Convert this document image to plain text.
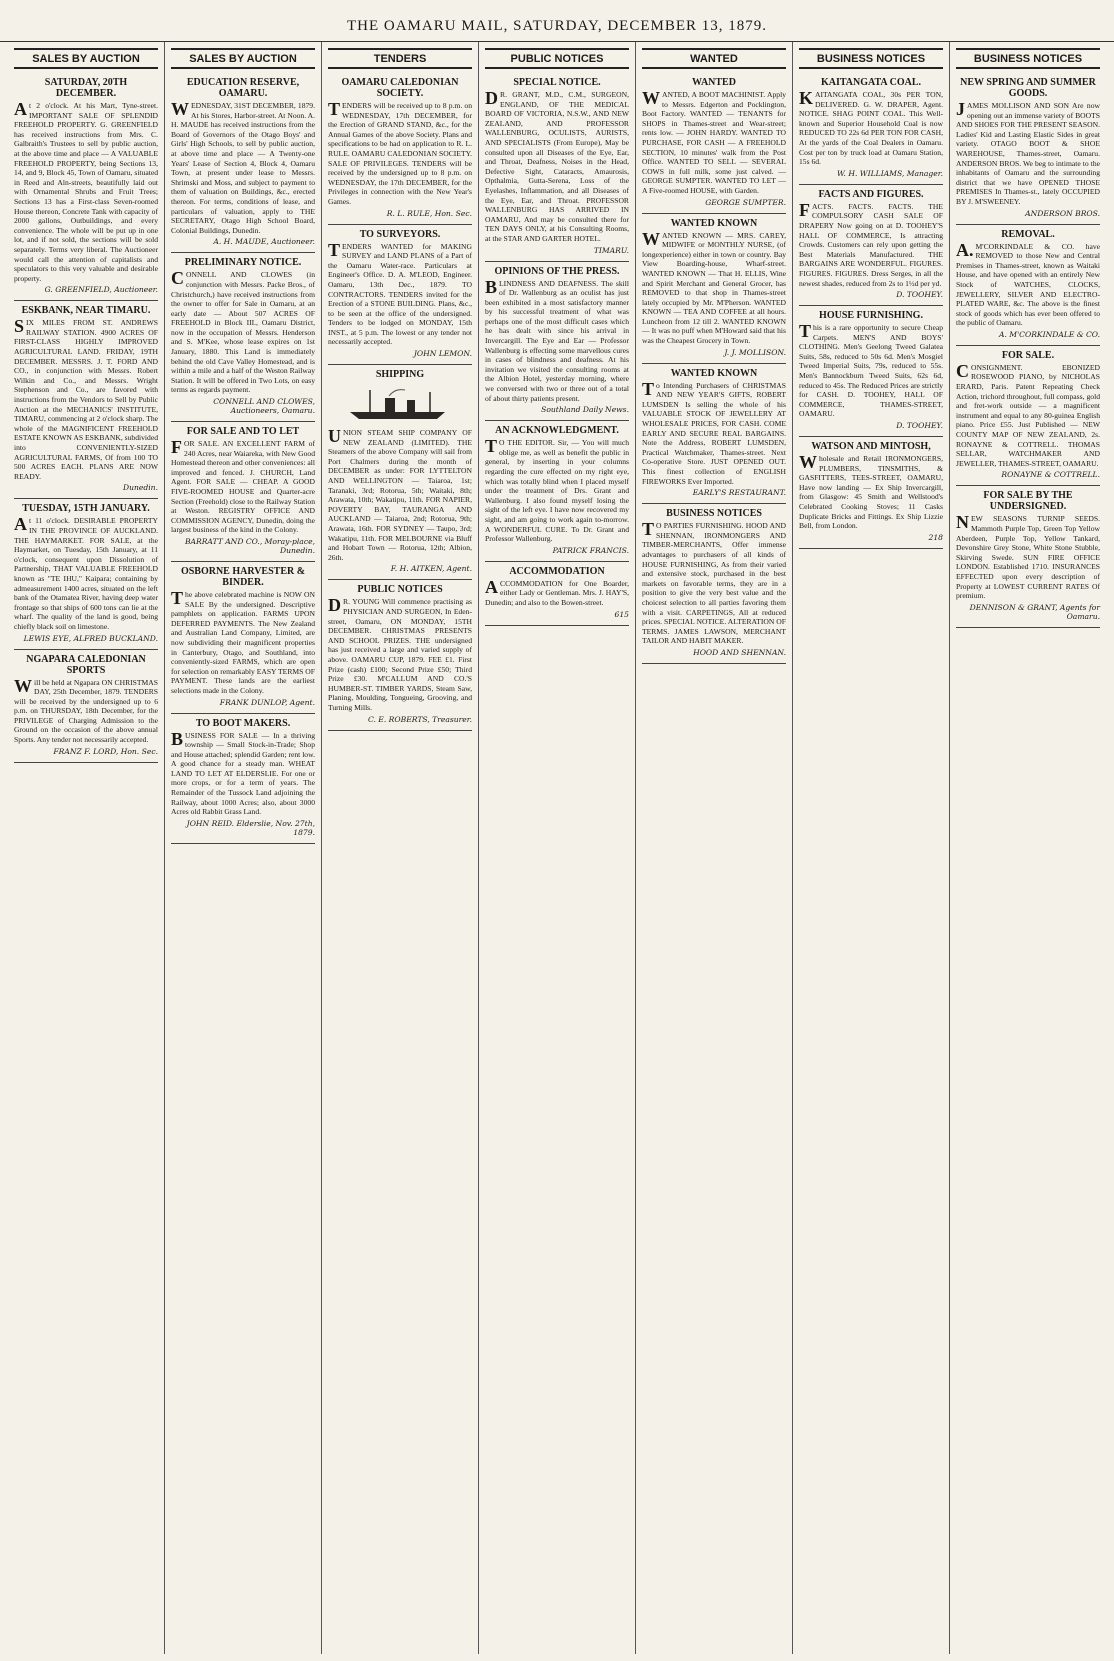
THE OAMARU MAIL, SATURDAY, DECEMBER 13, 1879.
SALES BY AUCTION
SATURDAY, 20TH DECEMBER.
At 2 o'clock. At his Mart, Tyne-street. IMPORTANT SALE OF SPLENDID FREEHOLD PROPERTY. G. GREENFIELD has received instructions from Mrs. C. Galbraith's Trustees to sell by public auction, at the above time and place — A VALUABLE FREEHOLD PROPERTY, being Sections 13, 14, and 9, Block 45, Town of Oamaru, situated in Reed and Aln-streets, beautifully laid out with Ornamental Shrubs and Fruit Trees; Sections 13 has a First-class Seven-roomed House thereon, Concrete Tank with capacity of 2000 gallons, Outbuildings, and every convenience. The whole will be put up in one lot, and if not sold, the sections will be sold separately. Terms very liberal. The Auctioneer would call the attention of capitalists and speculators to this very valuable and desirable property.
G. GREENFIELD, Auctioneer.
ESKBANK, NEAR TIMARU.
SIX MILES FROM ST. ANDREWS RAILWAY STATION. 4900 ACRES OF FIRST-CLASS HIGHLY IMPROVED AGRICULTURAL LAND. FRIDAY, 19TH DECEMBER. MESSRS. J. T. FORD AND CO., in conjunction with Messrs. Robert Wilkin and Co., and Messrs. Wright Stephenson and Co., are favored with instructions from the Vendors to Sell by Public Auction at the MECHANICS' INSTITUTE, TIMARU, commencing at 2 o'clock sharp. The whole of the MAGNIFICENT FREEHOLD ESTATE KNOWN AS ESKBANK, subdivided into CONVENIENTLY-SIZED AGRICULTURAL FARMS, Of from 100 TO 500 ACRES EACH. PLANS ARE NOW READY.
Dunedin.
TUESDAY, 15TH JANUARY.
At 11 o'clock. DESIRABLE PROPERTY IN THE PROVINCE OF AUCKLAND. THE HAYMARKET. FOR SALE, at the Haymarket, on Tuesday, 15th January, at 11 o'clock, consequent upon Dissolution of Partnership, THAT VALUABLE FREEHOLD known as "TE IHU," Kaipara; containing by admeasurement 1400 acres, situated on the left bank of the Otamatea River, having deep water frontage so that ships of 600 tons can lie at the wharf. The quality of the land is good, being chiefly black soil on limestone.
LEWIS EYE, ALFRED BUCKLAND.
NGAPARA CALEDONIAN SPORTS
Will be held at Ngapara ON CHRISTMAS DAY, 25th December, 1879. TENDERS will be received by the undersigned up to 6 p.m. on THURSDAY, 18th December, for the PRIVILEGE of Charging Admission to the Ground on the occasion of the above annual Sports. Any tender not necessarily accepted.
FRANZ F. LORD, Hon. Sec.
SALES BY AUCTION
EDUCATION RESERVE, OAMARU.
WEDNESDAY, 31ST DECEMBER, 1879. At his Stores, Harbor-street. At Noon. A. H. MAUDE has received instructions from the Board of Governors of the Otago Boys' and Girls' High Schools, to sell by public auction, at above time and place — A Twenty-one Years' Lease of Section 4, Block 4, Oamaru Town, at present under lease to Messrs. Shrimski and Moss, and subject to payment to them of valuation on Buildings, &c., erected thereon. For terms, conditions of lease, and particulars of valuation, apply to THE SECRETARY, Otago High School Board, Colonial Buildings, Dunedin.
A. H. MAUDE, Auctioneer.
PRELIMINARY NOTICE.
CONNELL AND CLOWES (in conjunction with Messrs. Packe Bros., of Christchurch,) have received instructions from the owner to offer for Sale in Oamaru, at an early date — About 507 ACRES OF FREEHOLD in Block III., Oamaru District, now in the occupation of Messrs. Henderson and S. M'Kee, whose lease expires on 1st January, 1880. This Land is immediately behind the old Cave Valley Homestead, and is within a mile and a half of the Weston Railway Station. It will be offered in Two Lots, on easy terms as regards payment.
CONNELL AND CLOWES, Auctioneers, Oamaru.
FOR SALE AND TO LET
FOR SALE. AN EXCELLENT FARM of 240 Acres, near Waiareka, with New Good Homestead thereon and other conveniences: all improved and fenced. J. CHURCH, Land Agent. FOR SALE — CHEAP. A GOOD FIVE-ROOMED HOUSE and Quarter-acre Section (Freehold) close to the Railway Station at Weston. REGISTRY OFFICE AND COMMISSION AGENCY, Dunedin, doing the largest business of the kind in the Colony.
BARRATT AND CO., Moray-place, Dunedin.
OSBORNE HARVESTER & BINDER.
The above celebrated machine is NOW ON SALE By the undersigned. Descriptive pamphlets on application. FARMS UPON DEFERRED PAYMENTS. The New Zealand and Australian Land Company, Limited, are now subdividing their magnificent properties in Canterbury, Otago, and Southland, into conveniently-sized FARMS, which are open for selection on remarkably EASY TERMS OF PAYMENT. These lands are the earliest selections made in the Colony.
FRANK DUNLOP, Agent.
TO BOOT MAKERS.
BUSINESS FOR SALE — In a thriving township — Small Stock-in-Trade; Shop and House attached; splendid Garden; rent low. A good chance for a steady man. WHEAT LAND TO LET AT ELDERSLIE. For one or more crops, or for a term of years. The Remainder of the Tussock Land adjoining the Railway, about 1000 Acres; also, about 3000 Acres old Rabbit Grass Land.
JOHN REID. Elderslie, Nov. 27th, 1879.
TENDERS
OAMARU CALEDONIAN SOCIETY.
TENDERS will be received up to 8 p.m. on WEDNESDAY, 17th DECEMBER, for the Erection of GRAND STAND, &c., for the Annual Games of the above Society. Plans and specifications to be had on application to R. L. RULE. OAMARU CALEDONIAN SOCIETY. SALE OF PRIVILEGES. TENDERS will be received by the undersigned up to 8 p.m. on WEDNESDAY, the 17th DECEMBER, for the Privileges in connection with the New Year's Games.
R. L. RULE, Hon. Sec.
TO SURVEYORS.
TENDERS WANTED for MAKING SURVEY and LAND PLANS of a Part of the Oamaru Water-race. Particulars at Engineer's Office. D. A. M'LEOD, Engineer. Oamaru, 13th Dec., 1879. TO CONTRACTORS. TENDERS invited for the Erection of a STONE BUILDING. Plans, &c., to be seen at the office of the undersigned. Tenders to be lodged on MONDAY, 15th INST., at 5 p.m. The lowest or any tender not necessarily accepted.
JOHN LEMON.
SHIPPING
UNION STEAM SHIP COMPANY OF NEW ZEALAND (LIMITED). THE Steamers of the above Company will sail from Port Chalmers during the month of DECEMBER as under: FOR LYTTELTON AND WELLINGTON — Taiaroa, 1st; Taranaki, 3rd; Rotorua, 5th; Waitaki, 8th; Arawata, 10th; Wakatipu, 11th. FOR NAPIER, POVERTY BAY, TAURANGA AND AUCKLAND — Taiaroa, 2nd; Rotorua, 9th; Arawata, 16th. FOR SYDNEY — Taupo, 3rd; Wakatipu, 11th. FOR MELBOURNE via Bluff and Hobart Town — Rotorua, 12th; Albion, 26th.
F. H. AITKEN, Agent.
PUBLIC NOTICES
DR. YOUNG Will commence practising as PHYSICIAN AND SURGEON, In Eden-street, Oamaru, ON MONDAY, 15TH DECEMBER. CHRISTMAS PRESENTS AND SCHOOL PRIZES. THE undersigned has just received a large and varied supply of above. OAMARU CUP, 1879. FEE £1. First Prize (cash) £100; Second Prize £50; Third Prize £30. M'CALLUM AND CO.'S HUMBER-ST. TIMBER YARDS, Steam Saw, Planing, Moulding, Tongueing, Grooving, and Turning Mills.
C. E. ROBERTS, Treasurer.
PUBLIC NOTICES
SPECIAL NOTICE.
DR. GRANT, M.D., C.M., SURGEON, ENGLAND, OF THE MEDICAL BOARD OF VICTORIA, N.S.W., AND NEW ZEALAND, AND PROFESSOR WALLENBURG, OCULISTS, AURISTS, AND SPECIALISTS (From Europe), May be consulted upon all Diseases of the Eye, Ear, and Throat, Deafness, Noises in the Head, Defective Sight, Cataracts, Amaurosis, Opthalmia, Gutta-Serena, Loss of the Eyelashes, Inflammation, and all Diseases of the Eye, Ear, and Throat. PROFESSOR WALLENBURG HAS ARRIVED IN OAMARU, And may be consulted there for TEN DAYS ONLY, at his Consulting Rooms, at the STAR AND GARTER HOTEL.
TIMARU.
OPINIONS OF THE PRESS.
BLINDNESS AND DEAFNESS. The skill of Dr. Wallenburg as an oculist has just been exhibited in a most satisfactory manner by his successful treatment of what was perhaps one of the most difficult cases which he has dealt with since his arrival in Invercargill. The Eye and Ear — Professor Wallenburg is effecting some marvellous cures in cases of blindness and deafness. At his invitation we visited the consulting rooms at the Albion Hotel, yesterday morning, where we conversed with two or three out of a total of about thirty patients present.
Southland Daily News.
AN ACKNOWLEDGMENT.
TO THE EDITOR. Sir, — You will much oblige me, as well as benefit the public in general, by inserting in your columns regarding the cure effected on my right eye, which was totally blind when I placed myself under the treatment of Drs. Grant and Wallenburg. I also found myself losing the sight of the left eye. I have now recovered my sight, and am going to work again to-morrow. A WONDERFUL CURE. To Dr. Grant and Professor Wallenburg.
PATRICK FRANCIS.
ACCOMMODATION
ACCOMMODATION for One Boarder, either Lady or Gentleman. Mrs. J. HAY'S, Dunedin; and also to the Bowen-street.
615
WANTED
WANTED
WANTED, A BOOT MACHINIST. Apply to Messrs. Edgerton and Pocklington, Boot Factory. WANTED — TENANTS for SHOPS in Thames-street and Wear-street; rents low. — JOHN HARDY. WANTED TO PURCHASE, FOR CASH — A FREEHOLD SECTION, 10 minutes' walk from the Post Office. WANTED TO SELL — SEVERAL COWS in full milk, some just calved. — GEORGE SUMPTER. WANTED TO LET — A Five-roomed HOUSE, with Garden.
GEORGE SUMPTER.
WANTED KNOWN
WANTED KNOWN — MRS. CAREY, MIDWIFE or MONTHLY NURSE, (of longexperience) either in town or country. Bay View Boarding-house, Wharf-street. WANTED KNOWN — That H. ELLIS, Wine and Spirit Merchant and General Grocer, has REMOVED to that shop in Thames-street lately occupied by Mr. M'Pherson. WANTED KNOWN — TEA AND COFFEE at all hours. Luncheon from 12 till 2. WANTED KNOWN — It was no puff when M'Howard said that his was the Cheapest Grocery in Town.
J. J. MOLLISON.
WANTED KNOWN
To Intending Purchasers of CHRISTMAS AND NEW YEAR'S GIFTS, ROBERT LUMSDEN Is selling the whole of his VALUABLE STOCK OF JEWELLERY AT WHOLESALE PRICES, FOR CASH. COME EARLY AND SECURE REAL BARGAINS. Note the Address, ROBERT LUMSDEN, Practical Watchmaker, Thames-street. Next Co-operative Store. JUST OPENED OUT. This finest collection of ENGLISH FIREWORKS Ever Imported.
EARLY'S RESTAURANT.
BUSINESS NOTICES
TO PARTIES FURNISHING. HOOD AND SHENNAN, IRONMONGERS AND TIMBER-MERCHANTS, Offer immense advantages to purchasers of all kinds of HOUSE FURNISHING, As from their varied and extensive stock, purchased in the best markets on favorable terms, they are in a position to give the very best value and the choicest selection to all parties favoring them with a visit. CARPETINGS, All at reduced prices. SPECIAL NOTICE. ALTERATION OF TERMS. JAMES LAWSON, MERCHANT TAILOR AND HABIT MAKER.
HOOD AND SHENNAN.
BUSINESS NOTICES
KAITANGATA COAL.
KAITANGATA COAL, 30s PER TON, DELIVERED. G. W. DRAPER, Agent. NOTICE. SHAG POINT COAL. This Well-known and Superior Household Coal is now REDUCED TO 22s 6d PER TON FOR CASH, At the yards of the Coal Dealers in Oamaru. Cost per ton by truck load at Oamaru Station, 15s 6d.
W. H. WILLIAMS, Manager.
FACTS AND FIGURES.
FACTS. FACTS. FACTS. THE COMPULSORY CASH SALE OF DRAPERY Now going on at D. TOOHEY'S HALL OF COMMERCE, Is attracting Crowds. Customers can rely upon getting the Best Materials Manufactured. THE BARGAINS ARE WONDERFUL. FIGURES. FIGURES. FIGURES. Dress Serges, in all the newest shades, reduced from 2s to 1½d per yd.
D. TOOHEY.
HOUSE FURNISHING.
This is a rare opportunity to secure Cheap Carpets. MEN'S AND BOYS' CLOTHING. Men's Geelong Tweed Galatea Suits, 58s, reduced to 50s 6d. Men's Mosgiel Tweed Imperial Suits, 79s, reduced to 55s. Men's Bannockburn Tweed Suits, 62s 6d, reduced to 45s. The Reduced Prices are strictly for CASH. D. TOOHEY, HALL OF COMMERCE, THAMES-STREET, OAMARU.
D. TOOHEY.
WATSON AND MINTOSH,
Wholesale and Retail IRONMONGERS, PLUMBERS, TINSMITHS, & GASFITTERS, TEES-STREET, OAMARU, Have now landing — Ex Ship Invercargill, from Glasgow: 45 Smith and Wellstood's Celebrated Cooking Stoves; 11 Casks Duplicate Bricks and Fittings. Ex Ship Lizzie Bell, from London.
218
BUSINESS NOTICES
NEW SPRING AND SUMMER GOODS.
JAMES MOLLISON AND SON Are now opening out an immense variety of BOOTS AND SHOES FOR THE PRESENT SEASON. Ladies' Kid and Lasting Elastic Sides in great variety. OTAGO BOOT & SHOE WAREHOUSE, Thames-street, Oamaru. ANDERSON BROS. We beg to intimate to the inhabitants of Oamaru and the surrounding district that we have OPENED THOSE PREMISES In Thames-st., lately OCCUPIED BY J. M'SWEENEY.
ANDERSON BROS.
REMOVAL.
A.M'CORKINDALE & CO. have REMOVED to those New and Central Premises in Thames-street, known as Waitaki House, and have opened with an entirely New Stock of WATCHES, CLOCKS, JEWELLERY, SILVER AND ELECTRO-PLATED WARE, &c. The above is the finest stock of goods which has ever been offered to the public of Oamaru.
A. M'CORKINDALE & CO.
FOR SALE.
CONSIGNMENT. EBONIZED ROSEWOOD PIANO, by NICHOLAS ERARD, Paris. Patent Repeating Check Action, trichord throughout, full compass, gold and fret-work outside — a magnificent instrument and equal to any 80-guinea English piano. Price £55. Just Published — NEW COUNTY MAP OF NEW ZEALAND, 2s. RONAYNE & COTTRELL. THOMAS SELLAR, WATCHMAKER AND JEWELLER, THAMES-STREET, OAMARU.
RONAYNE & COTTRELL.
FOR SALE BY THE UNDERSIGNED.
NEW SEASONS TURNIP SEEDS. Mammoth Purple Top, Green Top Yellow Aberdeen, Purple Top, Yellow Tankard, Devonshire Grey Stone, White Stone Stubble, Skirving Swede. SUN FIRE OFFICE LONDON. Established 1710. INSURANCES EFFECTED upon every description of Property at LOWEST CURRENT RATES Of premium.
DENNISON & GRANT, Agents for Oamaru.
